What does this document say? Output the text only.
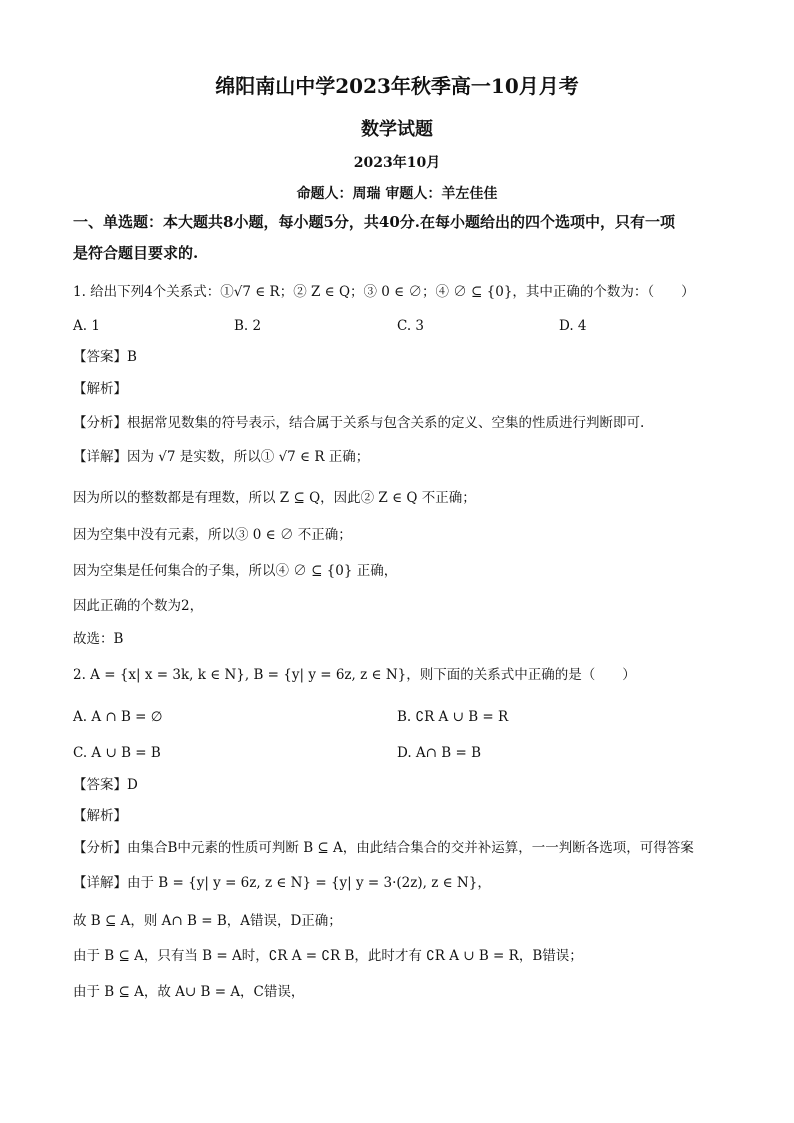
绵阳南山中学2023年秋季高一10月月考
数学试题
2023年10月
命题人：周瑞 审题人：羊左佳佳
一、单选题：本大题共8小题，每小题5分，共40分.在每小题给出的四个选项中，只有一项
是符合题目要求的.
1. 给出下列4个关系式：①√7 ∈ R；② Z ∈ Q；③ 0 ∈ ∅；④ ∅ ⊆ {0}，其中正确的个数为：（　　）
A. 1	B. 2	C. 3	D. 4
【答案】B
【解析】
【分析】根据常见数集的符号表示，结合属于关系与包含关系的定义、空集的性质进行判断即可.
【详解】因为 √7 是实数，所以① √7 ∈ R 正确；
因为所以的整数都是有理数，所以 Z ⊆ Q，因此② Z ∈ Q 不正确；
因为空集中没有元素，所以③ 0 ∈ ∅ 不正确；
因为空集是任何集合的子集，所以④ ∅ ⊆ {0} 正确，
因此正确的个数为2，
故选：B
2. A = {x| x = 3k, k ∈ N}, B = {y| y = 6z, z ∈ N}，则下面的关系式中正确的是（　　）
A. A ∩ B = ∅	B. ∁R A ∪ B = R
C. A ∪ B = B	D. A∩ B = B
【答案】D
【解析】
【分析】由集合B中元素的性质可判断 B ⊆ A，由此结合集合的交并补运算，一一判断各选项，可得答案
【详解】由于 B = {y| y = 6z, z ∈ N} = {y| y = 3·(2z), z ∈ N}，
故 B ⊆ A，则 A∩ B = B，A错误，D正确；
由于 B ⊆ A，只有当 B = A时，∁R A = ∁R B，此时才有 ∁R A ∪ B = R，B错误；
由于 B ⊆ A，故 A∪ B = A，C错误，
